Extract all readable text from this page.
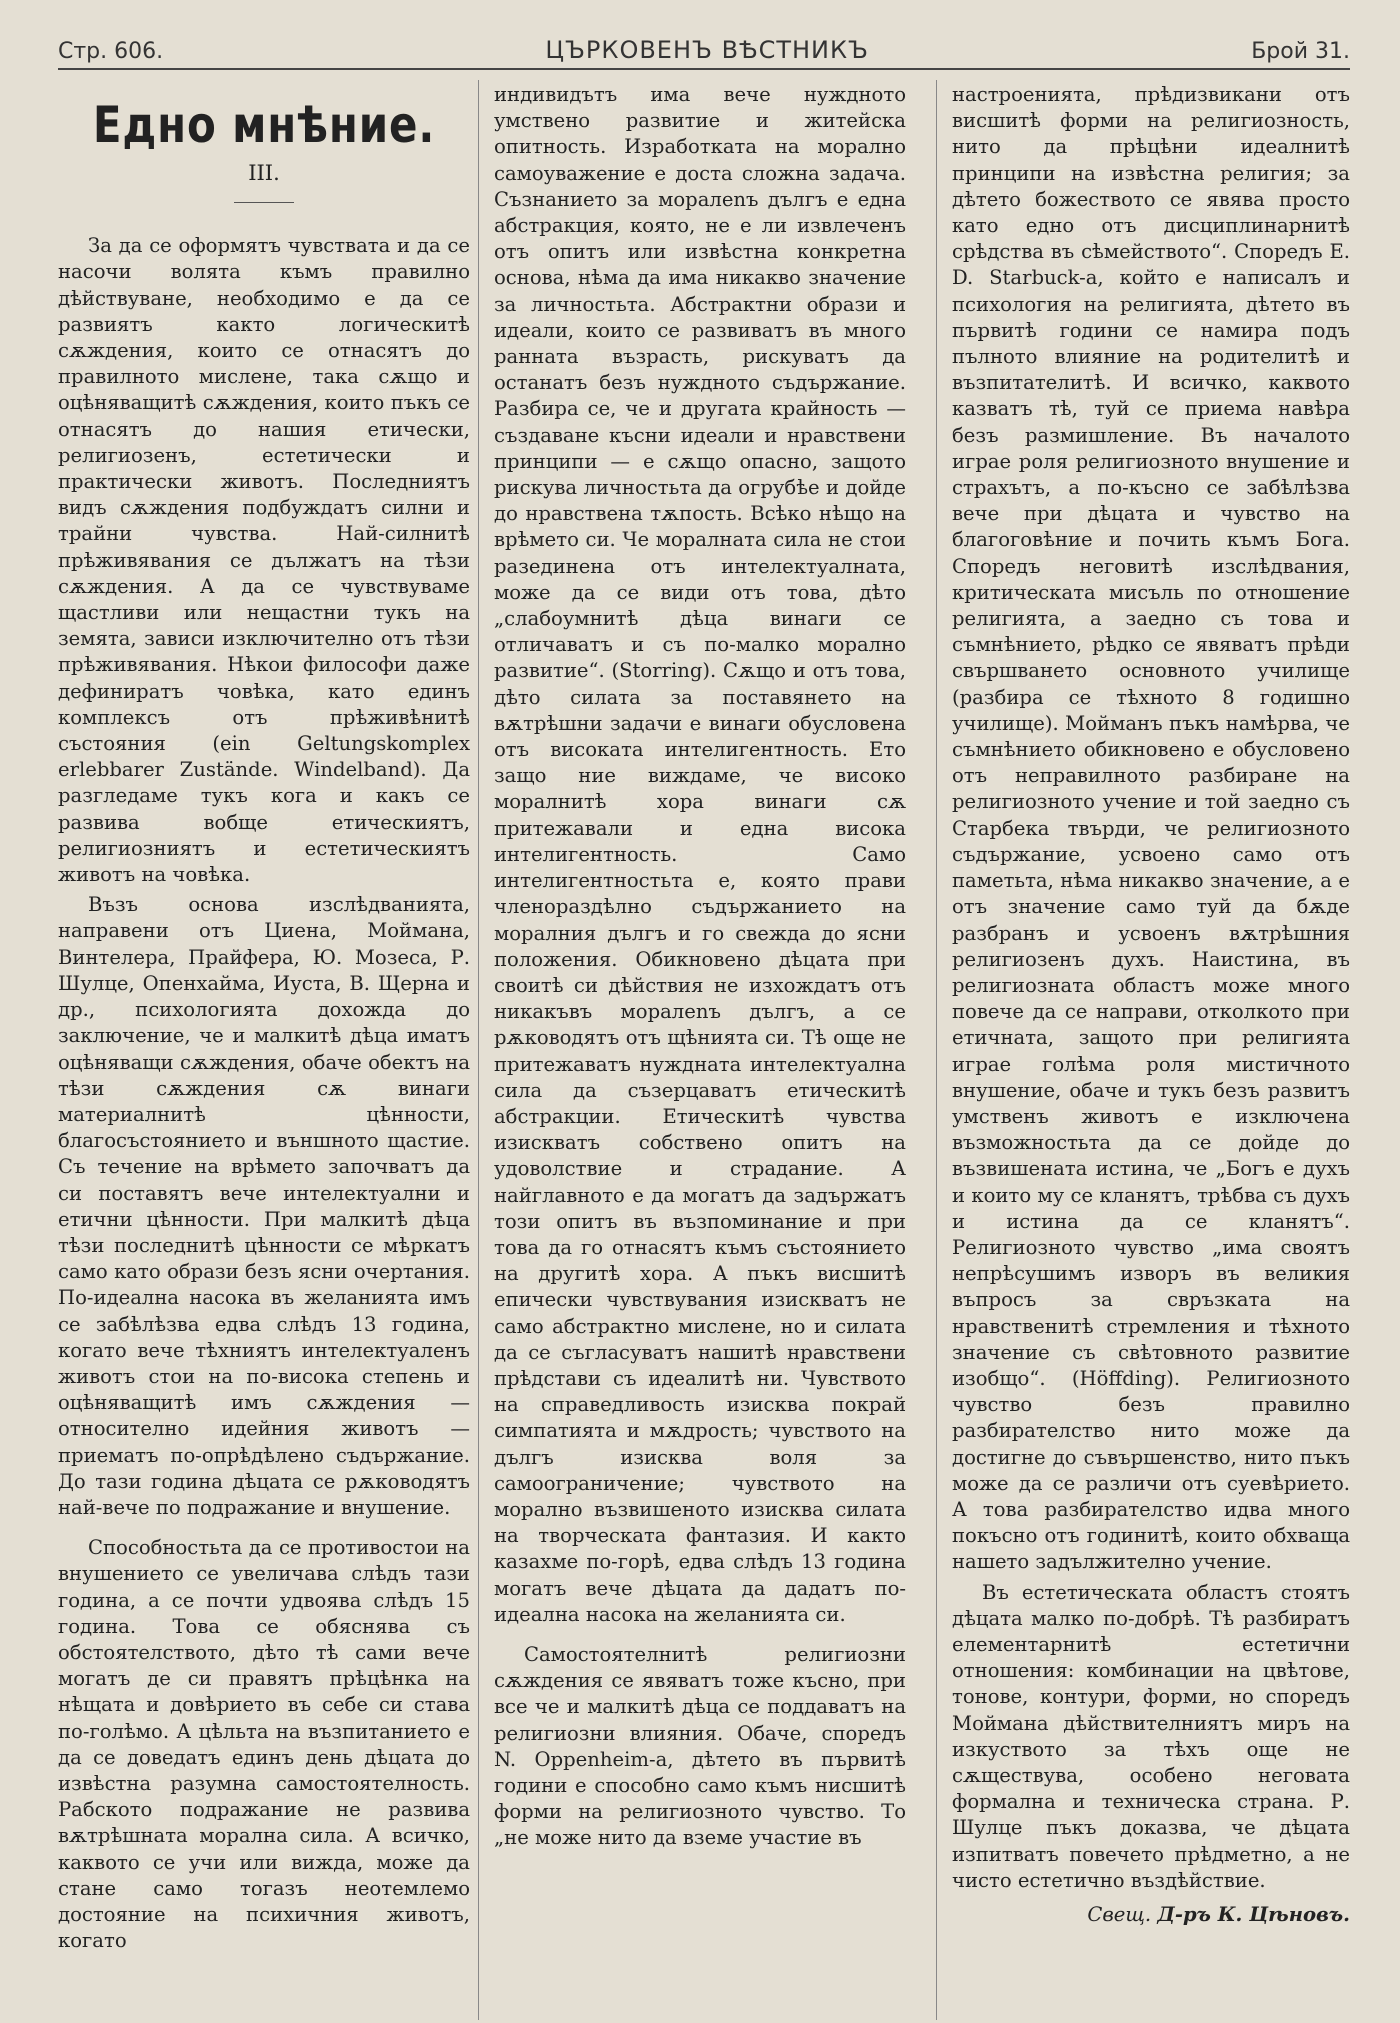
Стр. 606.	ЦЪРКОВЕНЪ ВѢСТНИКЪ	Брой 31.
Едно мнѣние.
III.

За да се оформятъ чувствата и да се насочи волята къмъ правилно дѣйствуване, необходимо е да се развиятъ както логическитѣ сѫждения, които се отнасятъ до правилното мислене, така сѫщо и оцѣняващитѣ сѫждения, които пъкъ се отнасятъ до нашия етически, религиозенъ, естетически и практически животъ. Последниятъ видъ сѫждения подбуждатъ силни и трайни чувства. Най-силнитѣ прѣживявания се дължатъ на тѣзи сѫждения. А да се чувствуваме щастливи или нещастни тукъ на земята, зависи изключително отъ тѣзи прѣживявания. Нѣкои философи даже дефиниратъ човѣка, като единъ комплексъ отъ прѣживѣнитѣ състояния (ein Geltungskomplex erlebbarer Zustände. Windelband). Да разгледаме тукъ кога и какъ се развива вобще етическиятъ, религиозниятъ и естетическиятъ животъ на човѣка.

Възъ основа изслѣдванията, направени отъ Циена, Моймана, Винтелера, Прайфера, Ю. Мозеса, Р. Шулце, Опенхайма, Иуста, В. Щерна и др., психологията дохожда до заключение, че и малкитѣ дѣца иматъ оцѣняващи сѫждения, обаче обектъ на тѣзи сѫждения сѫ винаги материалнитѣ цѣнности, благосъстоянието и външното щастие. Съ течение на врѣмето започватъ да си поставятъ вече интелектуални и етични цѣнности. При малкитѣ дѣца тѣзи последнитѣ цѣнности се мѣркатъ само като образи безъ ясни очертания. По-идеална насока въ желанията имъ се забѣлѣзва едва слѣдъ 13 година, когато вече тѣхниятъ интелектуаленъ животъ стои на по-висока степень и оцѣняващитѣ имъ сѫждения — относително идейния животъ — приематъ по-опрѣдѣлено съдържание. До тази година дѣцата се рѫководятъ най-вече по подражание и внушение.

Способностьта да се противостои на внушението се увеличава слѣдъ тази година, а се почти удвоява слѣдъ 15 година. Това се обяснява съ обстоятелството, дѣто тѣ сами вече могатъ де си правятъ прѣцѣнка на нѣщата и довѣрието въ себе си става по-голѣмо. А цѣльта на възпитанието е да се доведатъ единъ день дѣцата до извѣстна разумна самостоятелность. Рабското подражание не развива вѫтрѣшната морална сила. А всичко, каквото се учи или вижда, може да стане само тогазъ неотемлемо достояние на психичния животъ, когато

индивидътъ има вече нуждното умствено развитие и житейска опитность. Изработката на морално самоуважение е доста сложна задача. Съзнанието за моралenъ дългъ е една абстракция, която, не е ли извлеченъ отъ опитъ или извѣстна конкретна основа, нѣма да има никакво значение за личностьта. Абстрактни образи и идеали, които се развиватъ въ много ранната възрасть, рискуватъ да останатъ безъ нуждното съдържание. Разбира се, че и другата крайность — създаване късни идеали и нравствени принципи — е сѫщо опасно, защото рискува личностьта да огрубѣе и дойде до нравствена тѫпость. Всѣко нѣщо на врѣмето си. Че моралната сила не стои разединена отъ интелектуалната, може да се види отъ това, дѣто „слабоумнитѣ дѣца винаги се отличаватъ и съ по-малко морално развитие“. (Storring). Сѫщо и отъ това, дѣто силата за поставянето на вѫтрѣшни задачи е винаги обусловена отъ високата интелигентность. Ето защо ние виждаме, че високо моралнитѣ хора винаги сѫ притежавали и една висока интелигентность. Само интелигентностьта е, която прави членораздѣлно съдържанието на моралния дългъ и го свежда до ясни положения. Обикновено дѣцата при своитѣ си дѣйствия не изхождатъ отъ никакъвъ моралenъ дългъ, а се рѫководятъ отъ щѣнията си. Тѣ още не притежаватъ нуждната интелектуална сила да съзерцаватъ етическитѣ абстракции. Етическитѣ чувства изискватъ собствено опитъ на удоволствие и страдание. А найглавното е да могатъ да задържатъ този опитъ въ възпоминание и при това да го отнасятъ къмъ състоянието на другитѣ хора. А пъкъ висшитѣ епически чувствувания изискватъ не само абстрактно мислене, но и силата да се съгласуватъ нашитѣ нравствени прѣдстави съ идеалитѣ ни. Чувството на справедливость изисква покрай симпатията и мѫдрость; чувството на дългъ изисква воля за самоограничение; чувството на морално възвишеното изисква силата на творческата фантазия. И както казахме по-горѣ, едва слѣдъ 13 година могатъ вече дѣцата да дадатъ по-идеална насока на желанията си.

Самостоятелнитѣ религиозни сѫждения се явяватъ тоже късно, при все че и малкитѣ дѣца се поддаватъ на религиозни влияния. Обаче, споредъ N. Oppenheim-а, дѣтето въ първитѣ години е способно само къмъ нисшитѣ форми на религиозното чувство. То „не може нито да вземе участие въ

настроенията, прѣдизвикани отъ висшитѣ форми на религиозность, нито да прѣцѣни идеалнитѣ принципи на извѣстна религия; за дѣтето божеството се явява просто като едно отъ дисциплинарнитѣ срѣдства въ сѣмейството“. Споредъ E. D. Starbuck-а, който е написалъ и психология на религията, дѣтето въ първитѣ години се намира подъ пълното влияние на родителитѣ и възпитателитѣ. И всичко, каквото казватъ тѣ, туй се приема навѣра безъ размишление. Въ началото играе роля религиозното внушение и страхътъ, а по-късно се забѣлѣзва вече при дѣцата и чувство на благоговѣние и почить къмъ Бога. Споредъ неговитѣ изслѣдвания, критическата мисъль по отношение религията, а заедно съ това и съмнѣнието, рѣдко се явяватъ прѣди свършването основното училище (разбира се тѣхното 8 годишно училище). Мойманъ пъкъ намѣрва, че съмнѣнието обикновено е обусловено отъ неправилното разбиране на религиозното учение и той заедно съ Старбека твърди, че религиозното съдържание, усвоено само отъ паметьта, нѣма никакво значение, а е отъ значение само туй да бѫде разбранъ и усвоенъ вѫтрѣшния религиозенъ духъ. Наистина, въ религиозната областъ може много повече да се направи, отколкото при етичната, защото при религията играе голѣма роля мистичното внушение, обаче и тукъ безъ развитъ умственъ животъ е изключена възможностьта да се дойде до възвишената истина, че „Богъ е духъ и които му се кланятъ, трѣбва съ духъ и истина да се кланятъ“. Религиозното чувство „има своятъ непрѣсушимъ изворъ въ великия въпросъ за свръзката на нравственитѣ стремления и тѣхното значение съ свѣтовното развитие изобщо“. (Höffding). Религиозното чувство безъ правилно разбирателство нито може да достигне до съвършенство, нито пъкъ може да се различи отъ суевѣрието. А това разбирателство идва много покъсно отъ годинитѣ, които обхваща нашето задължително учение.

Въ естетическата областъ стоятъ дѣцата малко по-добрѣ. Тѣ разбиратъ елементарнитѣ естетични отношения: комбинации на цвѣтове, тонове, контури, форми, но споредъ Моймана дѣйствителниятъ миръ на изкуството за тѣхъ още не сѫществува, особено неговата формална и техническа страна. Р. Шулце пъкъ доказва, че дѣцата изпитватъ повечето прѣдметно, а не чисто естетично въздѣйствие.

Свещ. Д-ръ К. Цѣновъ.
